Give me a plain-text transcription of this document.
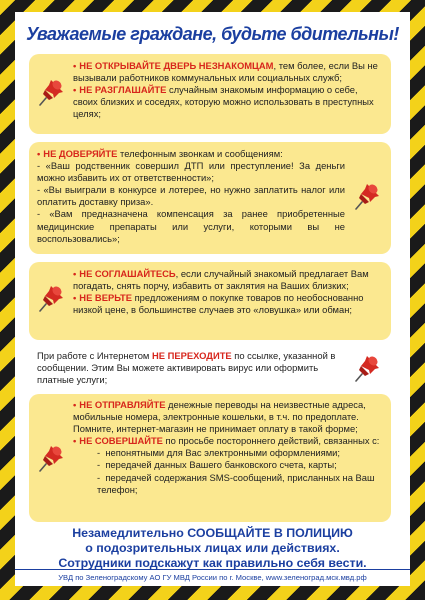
Уважаемые граждане, будьте бдительны!

• НЕ ОТКРЫВАЙТЕ ДВЕРЬ НЕЗНАКОМЦАМ, тем более, если Вы не вызывали работников коммунальных или социальных служб;

• НЕ РАЗГЛАШАЙТЕ случайным знакомым информацию о себе, своих близких и соседях, которую можно использовать в преступных целях;

• НЕ ДОВЕРЯЙТЕ телефонным звонкам и сообщениям:

- «Ваш родственник совершил ДТП или преступление! За деньги можно избавить их от ответственности»;
- «Вы выиграли в конкурсе и лотерее, но нужно заплатить налог или оплатить доставку приза».
- «Вам предназначена компенсация за ранее приобретенные медицинские препараты или услуги, которыми вы не воспользовались»;

• НЕ СОГЛАШАЙТЕСЬ, если случайный знакомый предлагает Вам погадать, снять порчу, избавить от заклятия на Ваших близких;

• НЕ ВЕРЬТЕ предложениям о покупке товаров по необоснованно низкой цене, в большинстве случаев это «ловушка» или обман;

При работе с Интернетом НЕ ПЕРЕХОДИТЕ по ссылке, указанной в сообщении. Этим Вы можете активировать вирус или оформить платные услуги;

• НЕ ОТПРАВЛЯЙТЕ денежные переводы на неизвестные адреса, мобильные номера, электронные кошельки, в т.ч. по предоплате. Помните, интернет-магазин не принимает оплату в такой форме;

• НЕ СОВЕРШАЙТЕ по просьбе постороннего действий, связанных с:

-  непонятными для Вас электронными оформлениями;

-  передачей данных Вашего банковского счета, карты;

-  передачей содержания SMS-сообщений, присланных на Ваш телефон;

Незамедлительно СООБЩАЙТЕ В ПОЛИЦИЮ
о подозрительных лицах или действиях.
Сотрудники подскажут как правильно себя вести.
УВД по Зеленоградскому АО ГУ МВД России по г. Москве, www.зеленоград.мск.мвд.рф
